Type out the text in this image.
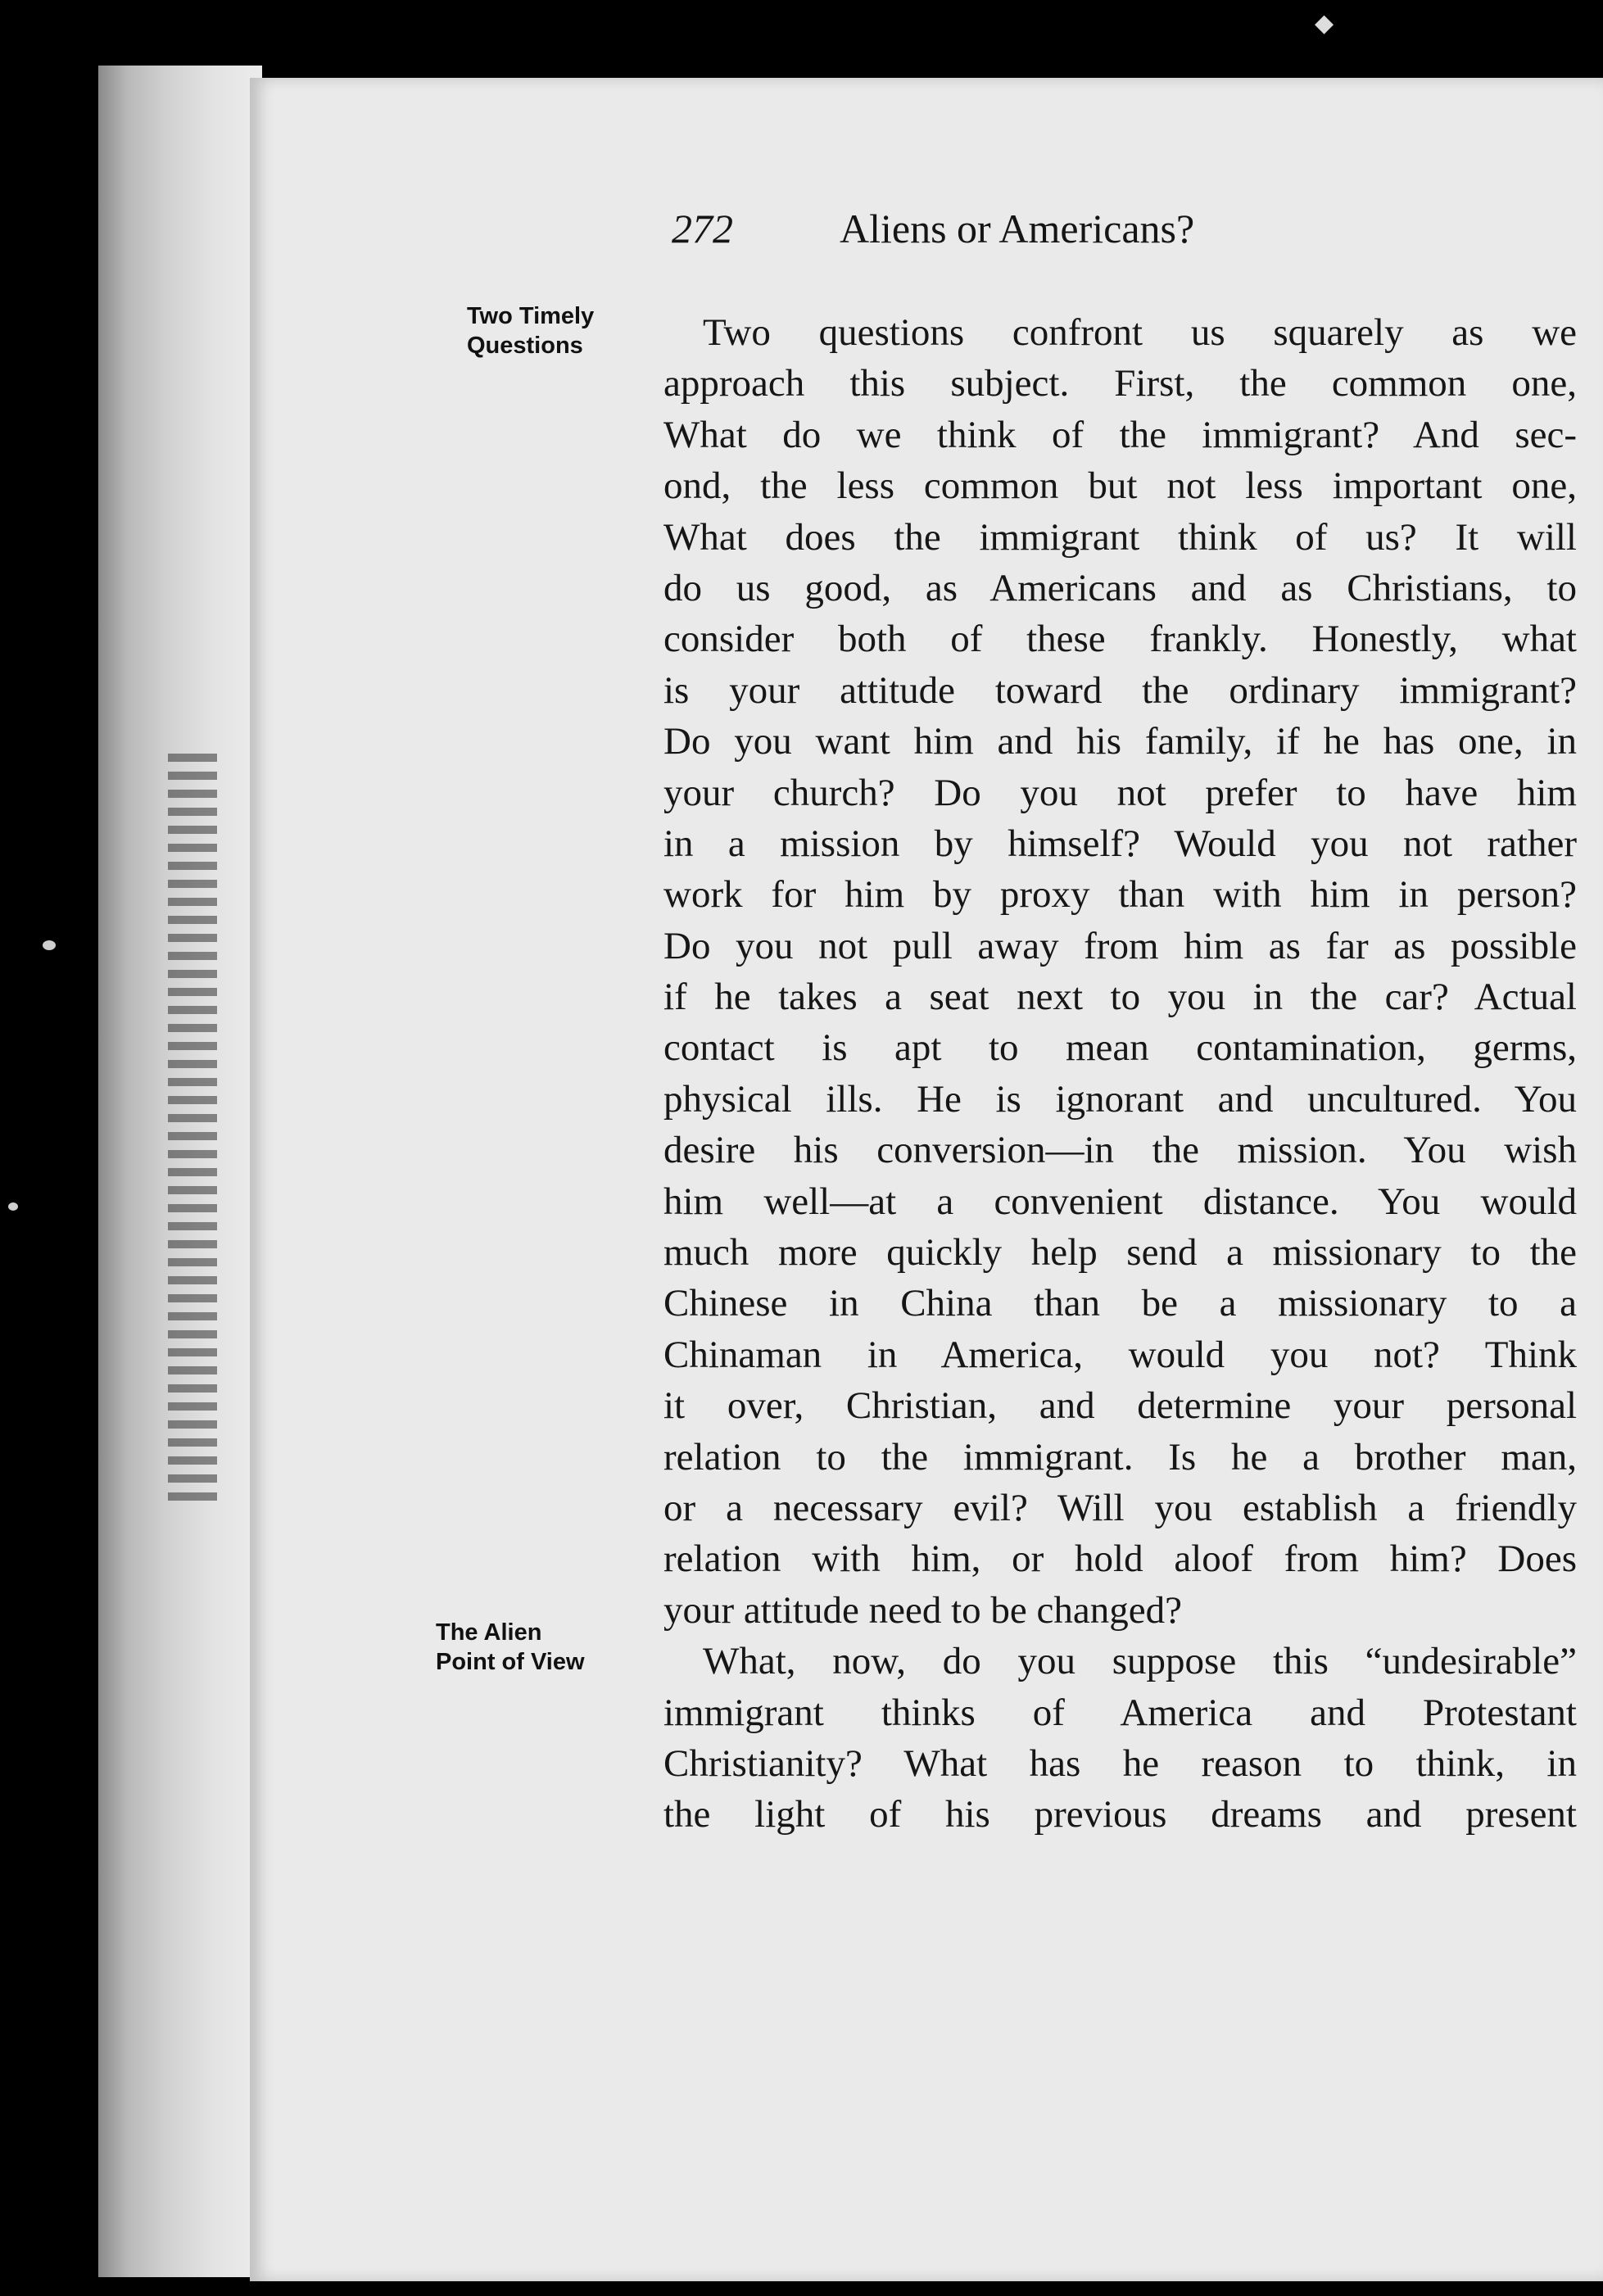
◆
272	Aliens or Americans?
Two Timely
Questions
The Alien
Point of View
Two questions confront us squarely as we
approach this subject. First, the common one,
What do we think of the immigrant? And sec-
ond, the less common but not less important one,
What does the immigrant think of us? It will
do us good, as Americans and as Christians, to
consider both of these frankly. Honestly, what
is your attitude toward the ordinary immigrant?
Do you want him and his family, if he has one, in
your church? Do you not prefer to have him
in a mission by himself? Would you not rather
work for him by proxy than with him in person?
Do you not pull away from him as far as possible
if he takes a seat next to you in the car? Actual
contact is apt to mean contamination, germs,
physical ills. He is ignorant and uncultured. You
desire his conversion—in the mission. You wish
him well—at a convenient distance. You would
much more quickly help send a missionary to the
Chinese in China than be a missionary to a
Chinaman in America, would you not? Think
it over, Christian, and determine your personal
relation to the immigrant. Is he a brother man,
or a necessary evil? Will you establish a friendly
relation with him, or hold aloof from him? Does
your attitude need to be changed?
What, now, do you suppose this “undesirable”
immigrant thinks of America and Protestant
Christianity? What has he reason to think, in
the light of his previous dreams and present
